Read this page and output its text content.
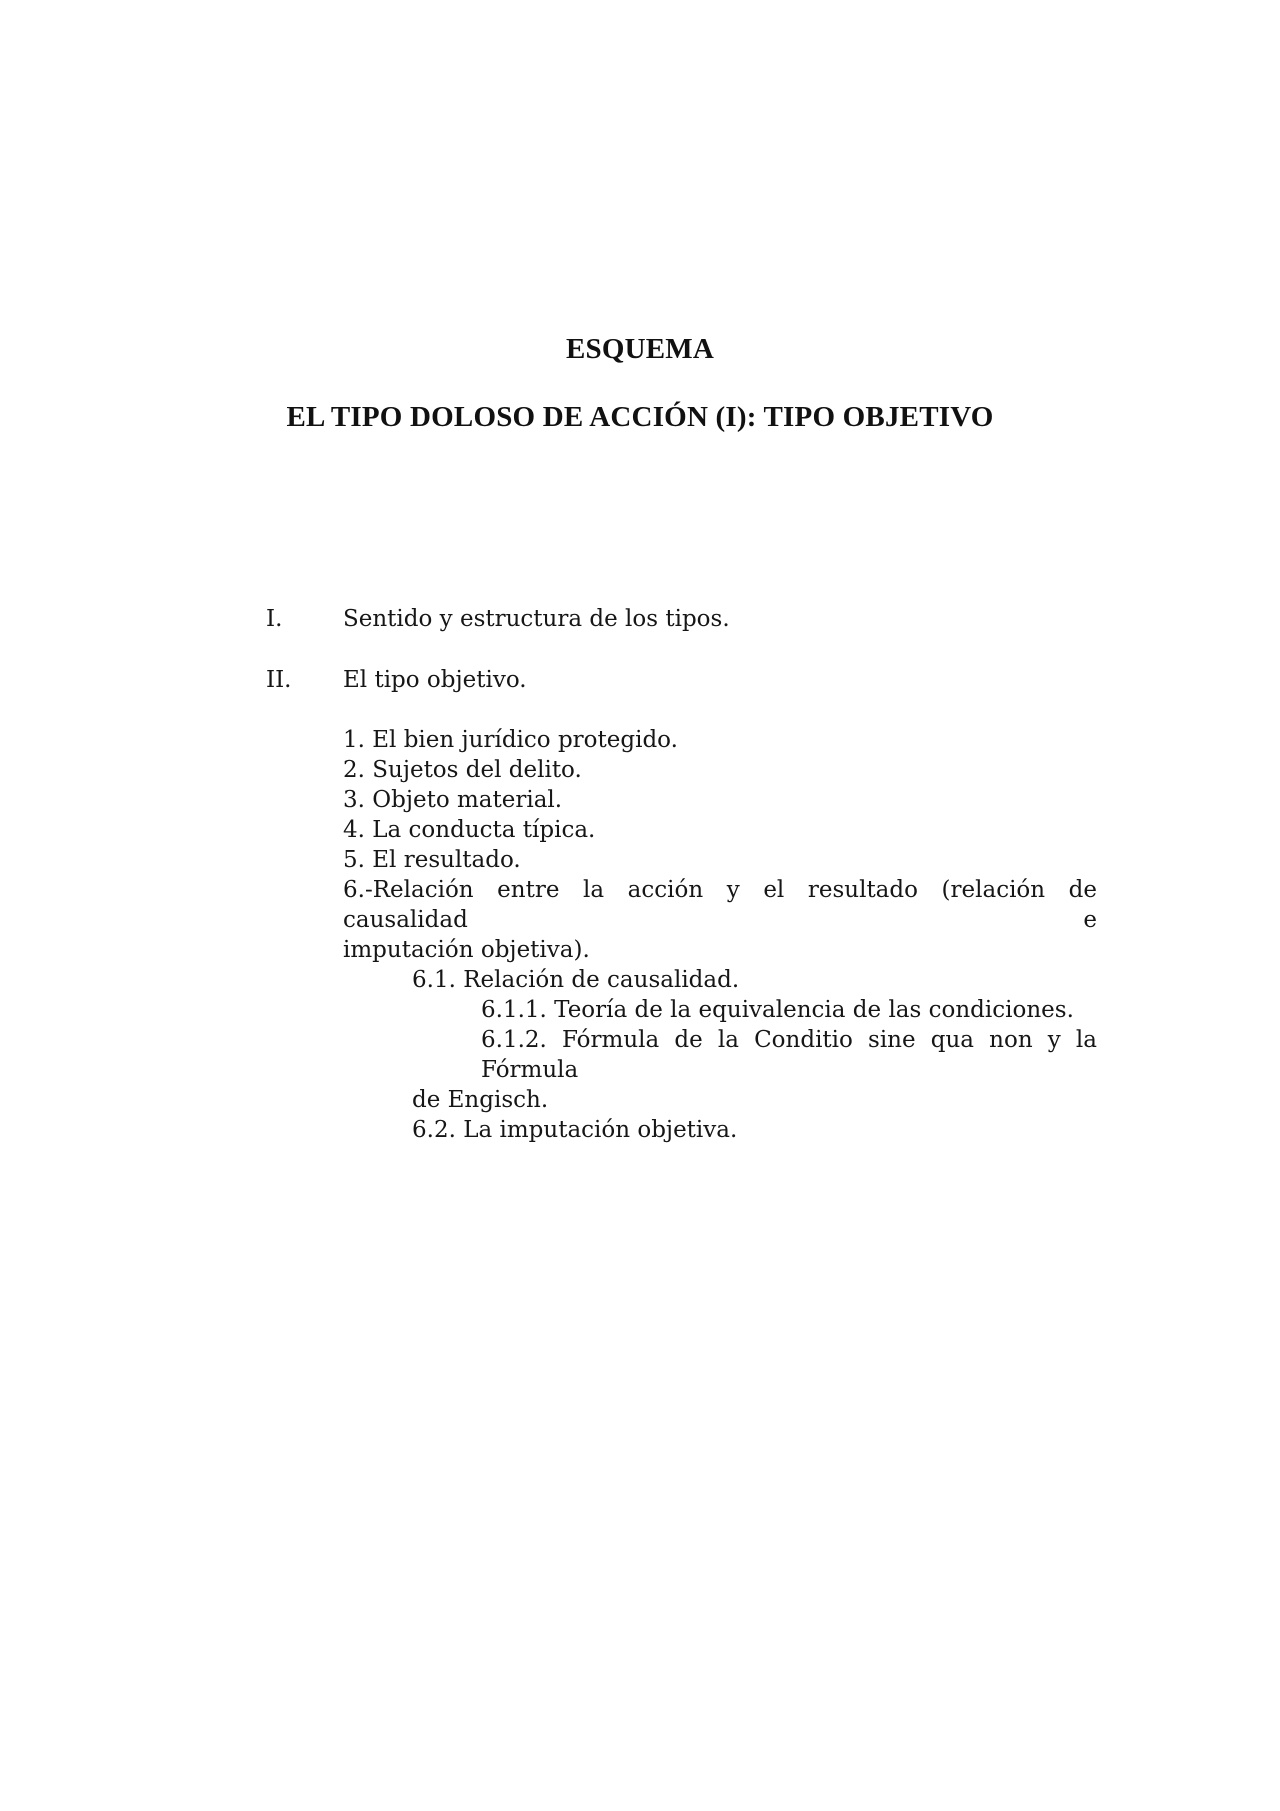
ESQUEMA
EL TIPO DOLOSO DE ACCIÓN (I): TIPO OBJETIVO
I.	Sentido y estructura de los tipos.
II. El tipo objetivo.
1. El bien jurídico protegido.
2. Sujetos del delito.
3. Objeto material.
4. La conducta típica.
5. El resultado.
6.-Relación entre la acción y el resultado (relación de causalidad e
imputación objetiva).
6.1. Relación de causalidad.
6.1.1. Teoría de la equivalencia de las condiciones.
6.1.2. Fórmula de la Conditio sine qua non y la Fórmula
de Engisch.
6.2. La imputación objetiva.
